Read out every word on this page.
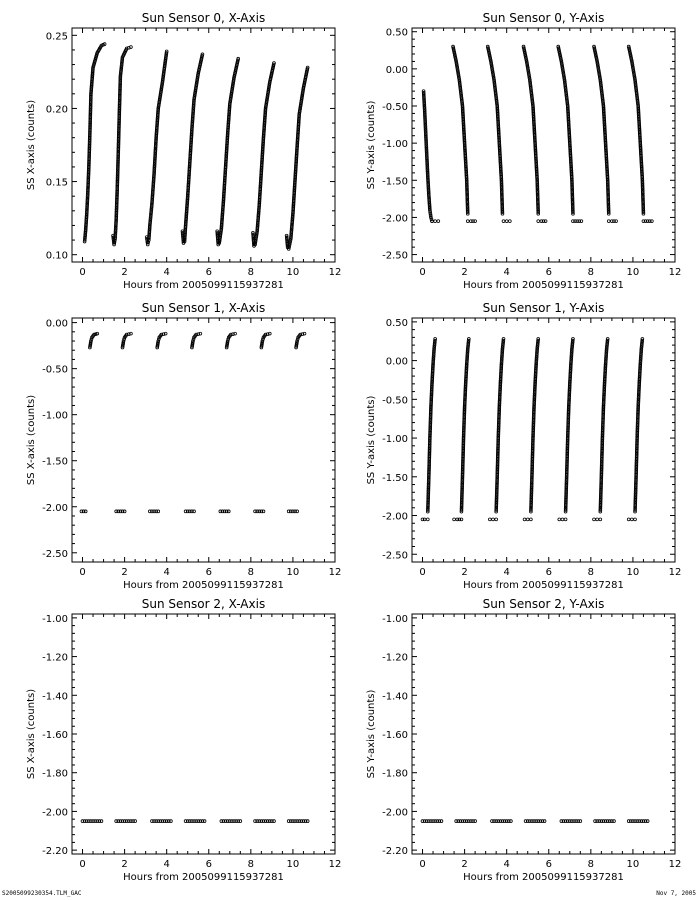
Sun Sensor 0, X-Axis
0	2	4	6	8	10	12
0.10
0.15
0.20
0.25
Hours from 2005099115937281
SS X-axis (counts)
Sun Sensor 0, Y-Axis
0	2	4	6	8	10	12
0.50
0.00
-0.50
-1.00
-1.50
-2.00
-2.50
Hours from 2005099115937281
SS Y-axis (counts)
Sun Sensor 1, X-Axis
0	2	4	6	8	10	12
0.00
-0.50
-1.00
-1.50
-2.00
-2.50
Hours from 2005099115937281
SS X-axis (counts)
Sun Sensor 1, Y-Axis
0	2	4	6	8	10	12
0.50
0.00
-0.50
-1.00
-1.50
-2.00
-2.50
Hours from 2005099115937281
SS Y-axis (counts)
Sun Sensor 2, X-Axis
0	2	4	6	8	10	12
-1.00
-1.20
-1.40
-1.60
-1.80
-2.00
-2.20
Hours from 2005099115937281
SS X-axis (counts)
Sun Sensor 2, Y-Axis
0	2	4	6	8	10	12
-1.00
-1.20
-1.40
-1.60
-1.80
-2.00
-2.20
Hours from 2005099115937281
SS Y-axis (counts)
S2005099230354.TLM_GAC	Nov 7, 2005
